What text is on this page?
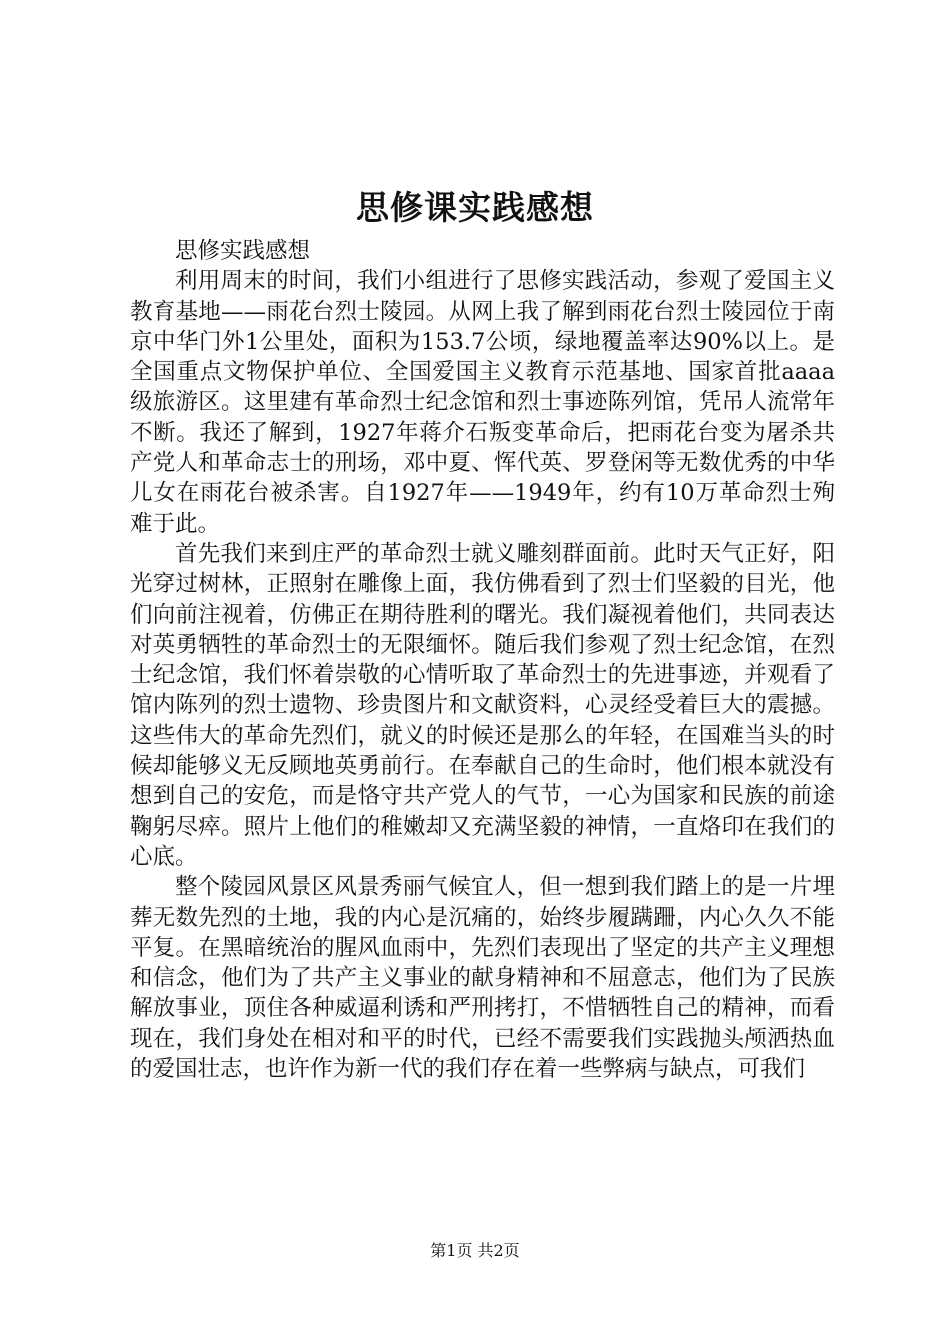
思修课实践感想

思修实践感想

利用周末的时间，我们小组进行了思修实践活动，参观了爱国主义教育基地——雨花台烈士陵园。从网上我了解到雨花台烈士陵园位于南京中华门外1公里处，面积为153.7公顷，绿地覆盖率达90%以上。是全国重点文物保护单位、全国爱国主义教育示范基地、国家首批aaaa级旅游区。这里建有革命烈士纪念馆和烈士事迹陈列馆，凭吊人流常年不断。我还了解到，1927年蒋介石叛变革命后，把雨花台变为屠杀共产党人和革命志士的刑场，邓中夏、恽代英、罗登闲等无数优秀的中华儿女在雨花台被杀害。自1927年——1949年，约有10万革命烈士殉难于此。

首先我们来到庄严的革命烈士就义雕刻群面前。此时天气正好，阳光穿过树林，正照射在雕像上面，我仿佛看到了烈士们坚毅的目光，他们向前注视着，仿佛正在期待胜利的曙光。我们凝视着他们，共同表达对英勇牺牲的革命烈士的无限缅怀。随后我们参观了烈士纪念馆，在烈士纪念馆，我们怀着崇敬的心情听取了革命烈士的先进事迹，并观看了馆内陈列的烈士遗物、珍贵图片和文献资料，心灵经受着巨大的震撼。这些伟大的革命先烈们，就义的时候还是那么的年轻，在国难当头的时候却能够义无反顾地英勇前行。在奉献自己的生命时，他们根本就没有想到自己的安危，而是恪守共产党人的气节，一心为国家和民族的前途鞠躬尽瘁。照片上他们的稚嫩却又充满坚毅的神情，一直烙印在我们的心底。

整个陵园风景区风景秀丽气候宜人，但一想到我们踏上的是一片埋葬无数先烈的土地，我的内心是沉痛的，始终步履蹒跚，内心久久不能平复。在黑暗统治的腥风血雨中，先烈们表现出了坚定的共产主义理想和信念，他们为了共产主义事业的献身精神和不屈意志，他们为了民族解放事业，顶住各种威逼利诱和严刑拷打，不惜牺牲自己的精神，而看现在，我们身处在相对和平的时代，已经不需要我们实践抛头颅洒热血的爱国壮志，也许作为新一代的我们存在着一些弊病与缺点，可我们

第1页 共2页
